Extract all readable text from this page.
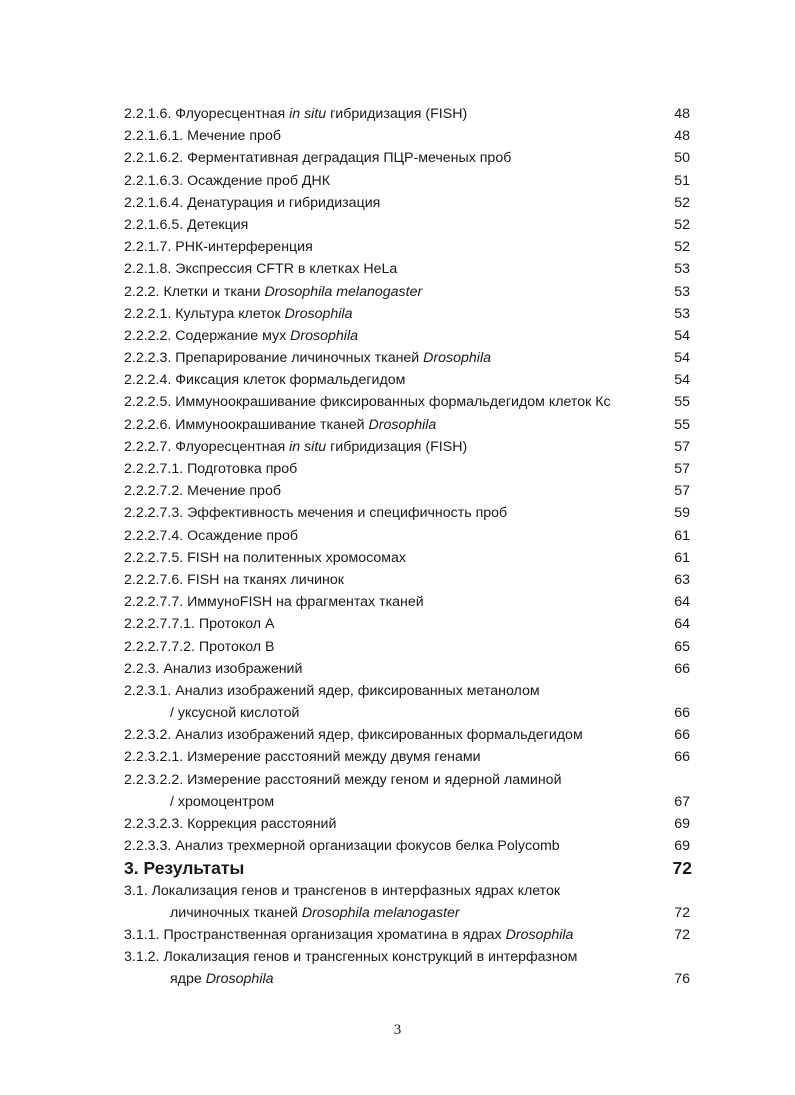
2.2.1.6. Флуоресцентная in situ гибридизация (FISH)	48
2.2.1.6.1. Мечение проб	48
2.2.1.6.2. Ферментативная деградация ПЦР-меченых проб	50
2.2.1.6.3. Осаждение проб ДНК	51
2.2.1.6.4. Денатурация и гибридизация	52
2.2.1.6.5. Детекция	52
2.2.1.7. РНК-интерференция	52
2.2.1.8. Экспрессия CFTR в клетках HeLa	53
2.2.2. Клетки и ткани Drosophila melanogaster	53
2.2.2.1. Культура клеток Drosophila	53
2.2.2.2. Содержание мух Drosophila	54
2.2.2.3. Препарирование личиночных тканей Drosophila	54
2.2.2.4. Фиксация клеток формальдегидом	54
2.2.2.5. Иммуноокрашивание фиксированных формальдегидом клеток Кс	55
2.2.2.6. Иммуноокрашивание тканей Drosophila	55
2.2.2.7. Флуоресцентная in situ гибридизация (FISH)	57
2.2.2.7.1. Подготовка проб	57
2.2.2.7.2. Мечение проб	57
2.2.2.7.3. Эффективность мечения и специфичность проб	59
2.2.2.7.4. Осаждение проб	61
2.2.2.7.5. FISH на политенных хромосомах	61
2.2.2.7.6. FISH на тканях личинок	63
2.2.2.7.7. ИммуноFISH на фрагментах тканей	64
2.2.2.7.7.1. Протокол А	64
2.2.2.7.7.2. Протокол В	65
2.2.3. Анализ изображений	66
2.2.3.1. Анализ изображений ядер, фиксированных метанолом
/ уксусной кислотой	66
2.2.3.2. Анализ изображений ядер, фиксированных формальдегидом	66
2.2.3.2.1. Измерение расстояний между двумя генами	66
2.2.3.2.2. Измерение расстояний между геном и ядерной ламиной
/ хромоцентром	67
2.2.3.2.3. Коррекция расстояний	69
2.2.3.3. Анализ трехмерной организации фокусов белка Polycomb	69
3. Результаты	72
3.1. Локализация генов и трансгенов в интерфазных ядрах клеток
личиночных тканей Drosophila melanogaster	72
3.1.1. Пространственная организация хроматина в ядрах Drosophila	72
3.1.2. Локализация генов и трансгенных конструкций в интерфазном
ядре Drosophila	76
3
